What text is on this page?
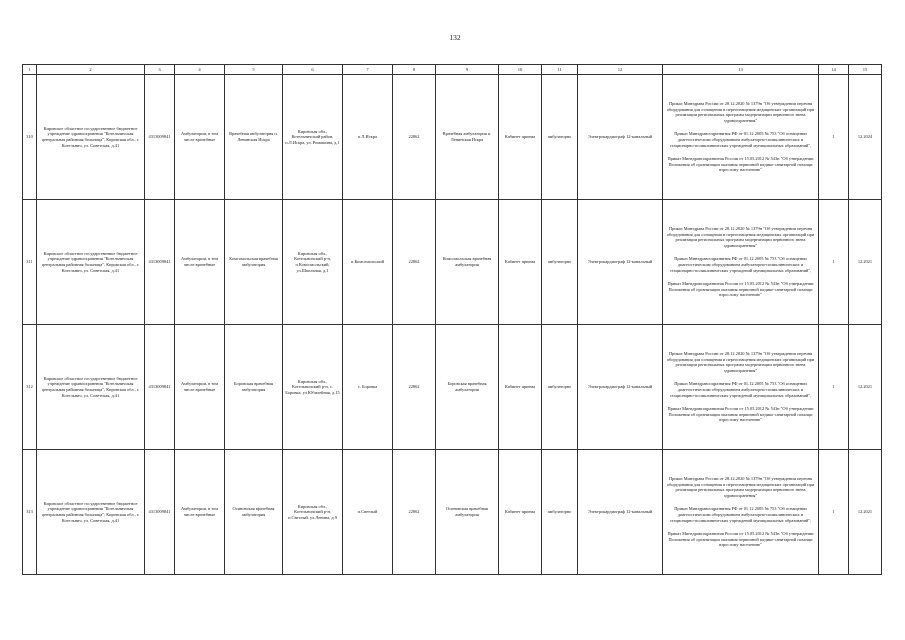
132
1	2	3	4	5	6	7	8	9	10	11	12	13	14	15
310	Кировское областное государственное бюджетное учреждение здравоохранения "Котельничская центральная районная больница", Кировская обл., г. Котельнич, ул. Советская, д.41	4313009841	Амбулатории, в том числе врачебные	Врачебная амбулатория п. Ленинская Искра	Кировская обл., Котельничский район, п.Л.Искра, ул. Ромашина, д.1	п.Л.Искра	22862	Врачебная амбулатория п. Ленинская Искра	Кабинет приема	амбулаторно	Электрокардиограф 12-канальный	Приказ Минздрава России от 28.12.2020 № 1379н "Об утверждении перечня оборудования для оснащения и переоснащения медицинских организаций при реализации региональных программ модернизации первичного звена здравоохранения"

Приказ Минздравсоцразвития РФ от 01.12.2005 № 753 "Об оснащении диагностическим оборудованием амбулаторно-поликлинических и стационарно-поликлинических учреждений муниципальных образований",

Приказ Минздравсоцразвития России от 15.05.2012 № 543н "Об утверждении Положения об организации оказания первичной медико-санитарной помощи взрослому населению"	1	12.2024
311	Кировское областное государственное бюджетное учреждение здравоохранения "Котельничская центральная районная больница", Кировская обл., г. Котельнич, ул. Советская, д.41	4313009841	Амбулатории, в том числе врачебные	Комсомольская врачебная амбулатория	Кировская обл., Котельничский р-н, п.Комсомольский, ул.Школьная, д.1	п.Комсомольский	22862	Комсомольская врачебная амбулатория	Кабинет приема	амбулаторно	Электрокардиограф 12-канальный	Приказ Минздрава России от 28.12.2020 № 1379н "Об утверждении перечня оборудования для оснащения и переоснащения медицинских организаций при реализации региональных программ модернизации первичного звена здравоохранения"

Приказ Минздравсоцразвития РФ от 01.12.2005 № 753 "Об оснащении диагностическим оборудованием амбулаторно-поликлинических и стационарно-поликлинических учреждений муниципальных образований",

Приказ Минздравсоцразвития России от 15.05.2012 № 543н "Об утверждении Положения об организации оказания первичной медико-санитарной помощи взрослому населению"	1	12.2021
312	Кировское областное государственное бюджетное учреждение здравоохранения "Котельничская центральная районная больница", Кировская обл., г. Котельнич, ул. Советская, д.41	4313009841	Амбулатории, в том числе врачебные	Боровская врачебная амбулатория	Кировская обл., Котельничский р-н, с. Боровка, ул.Юбилейная, д.15	с. Боровка	22862	Боровская врачебная амбулатория	Кабинет приема	амбулаторно	Электрокардиограф 12-канальный	Приказ Минздрава России от 28.12.2020 № 1379н "Об утверждении перечня оборудования для оснащения и переоснащения медицинских организаций при реализации региональных программ модернизации первичного звена здравоохранения"

Приказ Минздравсоцразвития РФ от 01.12.2005 № 753 "Об оснащении диагностическим оборудованием амбулаторно-поликлинических и стационарно-поликлинических учреждений муниципальных образований",

Приказ Минздравсоцразвития России от 15.05.2012 № 543н "Об утверждении Положения об организации оказания первичной медико-санитарной помощи взрослому населению"	1	12.2021
313	Кировское областное государственное бюджетное учреждение здравоохранения "Котельничская центральная районная больница", Кировская обл., г. Котельнич, ул. Советская, д.41	4313009841	Амбулатории, в том числе врачебные	Осиновская врачебная амбулатория	Кировская обл., Котельничский р-н, п.Светлый, ул.Ленина, д.9	п.Светлый	22862	Осиновская врачебная амбулатория	Кабинет приема	амбулаторно	Электрокардиограф 12-канальный	Приказ Минздрава России от 28.12.2020 № 1379н "Об утверждении перечня оборудования для оснащения и переоснащения медицинских организаций при реализации региональных программ модернизации первичного звена здравоохранения"

Приказ Минздравсоцразвития РФ от 01.12.2005 № 753 "Об оснащении диагностическим оборудованием амбулаторно-поликлинических и стационарно-поликлинических учреждений муниципальных образований",

Приказ Минздравсоцразвития России от 15.05.2012 № 543н "Об утверждении Положения об организации оказания первичной медико-санитарной помощи взрослому населению"	1	12.2021
